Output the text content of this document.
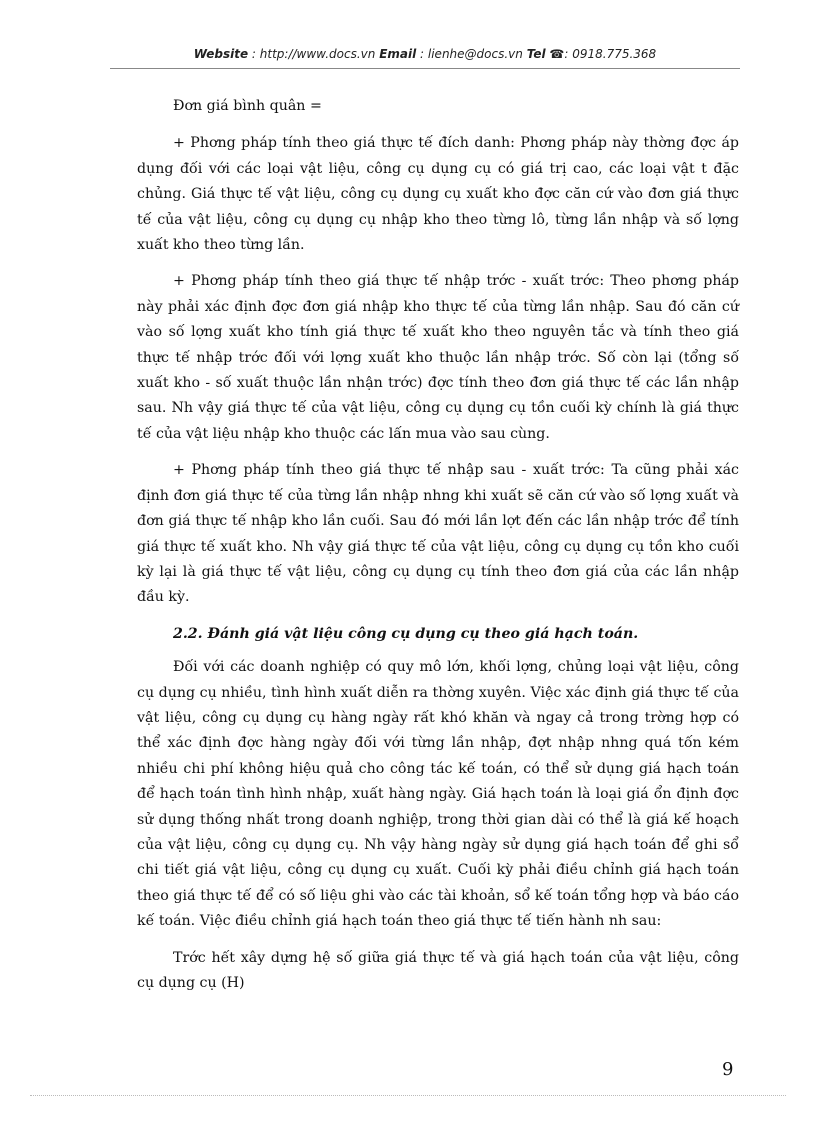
Website : http://www.docs.vn Email : lienhe@docs.vn Tel ☎: 0918.775.368

Đơn giá bình quân =

+ Phơng pháp tính theo giá thực tế đích danh: Phơng pháp này thờng đợc áp dụng đối với các loại vật liệu, công cụ dụng cụ có giá trị cao, các loại vật t đặc chủng. Giá thực tế vật liệu, công cụ dụng cụ xuất kho đợc căn cứ vào đơn giá thực tế của vật liệu, công cụ dụng cụ nhập kho theo từng lô, từng lần nhập và số lợng xuất kho theo từng lần.

+ Phơng pháp tính theo giá thực tế nhập trớc - xuất trớc: Theo phơng pháp này phải xác định đợc đơn giá nhập kho thực tế của từng lần nhập. Sau đó căn cứ vào số lợng xuất kho tính giá thực tế xuất kho theo nguyên tắc và tính theo giá thực tế nhập trớc đối với lợng xuất kho thuộc lần nhập trớc. Số còn lại (tổng số xuất kho - số xuất thuộc lần nhận trớc) đợc tính theo đơn giá thực tế các lần nhập sau. Nh vậy giá thực tế của vật liệu, công cụ dụng cụ tồn cuối kỳ chính là giá thực tế của vật liệu nhập kho thuộc các lấn mua vào sau cùng.

+ Phơng pháp tính theo giá thực tế nhập sau - xuất trớc: Ta cũng phải xác định đơn giá thực tế của từng lần nhập nhng khi xuất sẽ căn cứ vào số lợng xuất và đơn giá thực tế nhập kho lần cuối. Sau đó mới lần lợt đến các lần nhập trớc để tính giá thực tế xuất kho. Nh vậy giá thực tế của vật liệu, công cụ dụng cụ tồn kho cuối kỳ lại là giá thực tế vật liệu, công cụ dụng cụ tính theo đơn giá của các lần nhập đầu kỳ.

2.2. Đánh giá vật liệu công cụ dụng cụ theo giá hạch toán.

Đối với các doanh nghiệp có quy mô lớn, khối lợng, chủng loại vật liệu, công cụ dụng cụ nhiều, tình hình xuất diễn ra thờng xuyên. Việc xác định giá thực tế của vật liệu, công cụ dụng cụ hàng ngày rất khó khăn và ngay cả trong trờng hợp có thể xác định đợc hàng ngày đối với từng lần nhập, đợt nhập nhng quá tốn kém nhiều chi phí không hiệu quả cho công tác kế toán, có thể sử dụng giá hạch toán để hạch toán tình hình nhập, xuất hàng ngày. Giá hạch toán là loại giá ổn định đợc sử dụng thống nhất trong doanh nghiệp, trong thời gian dài có thể là giá kế hoạch của vật liệu, công cụ dụng cụ. Nh vậy hàng ngày sử dụng giá hạch toán để ghi sổ chi tiết giá vật liệu, công cụ dụng cụ xuất. Cuối kỳ phải điều chỉnh giá hạch toán theo giá thực tế để có số liệu ghi vào các tài khoản, sổ kế toán tổng hợp và báo cáo kế toán. Việc điều chỉnh giá hạch toán theo giá thực tế tiến hành nh sau:

Trớc hết xây dựng hệ số giữa giá thực tế và giá hạch toán của vật liệu, công cụ dụng cụ (H)

9
